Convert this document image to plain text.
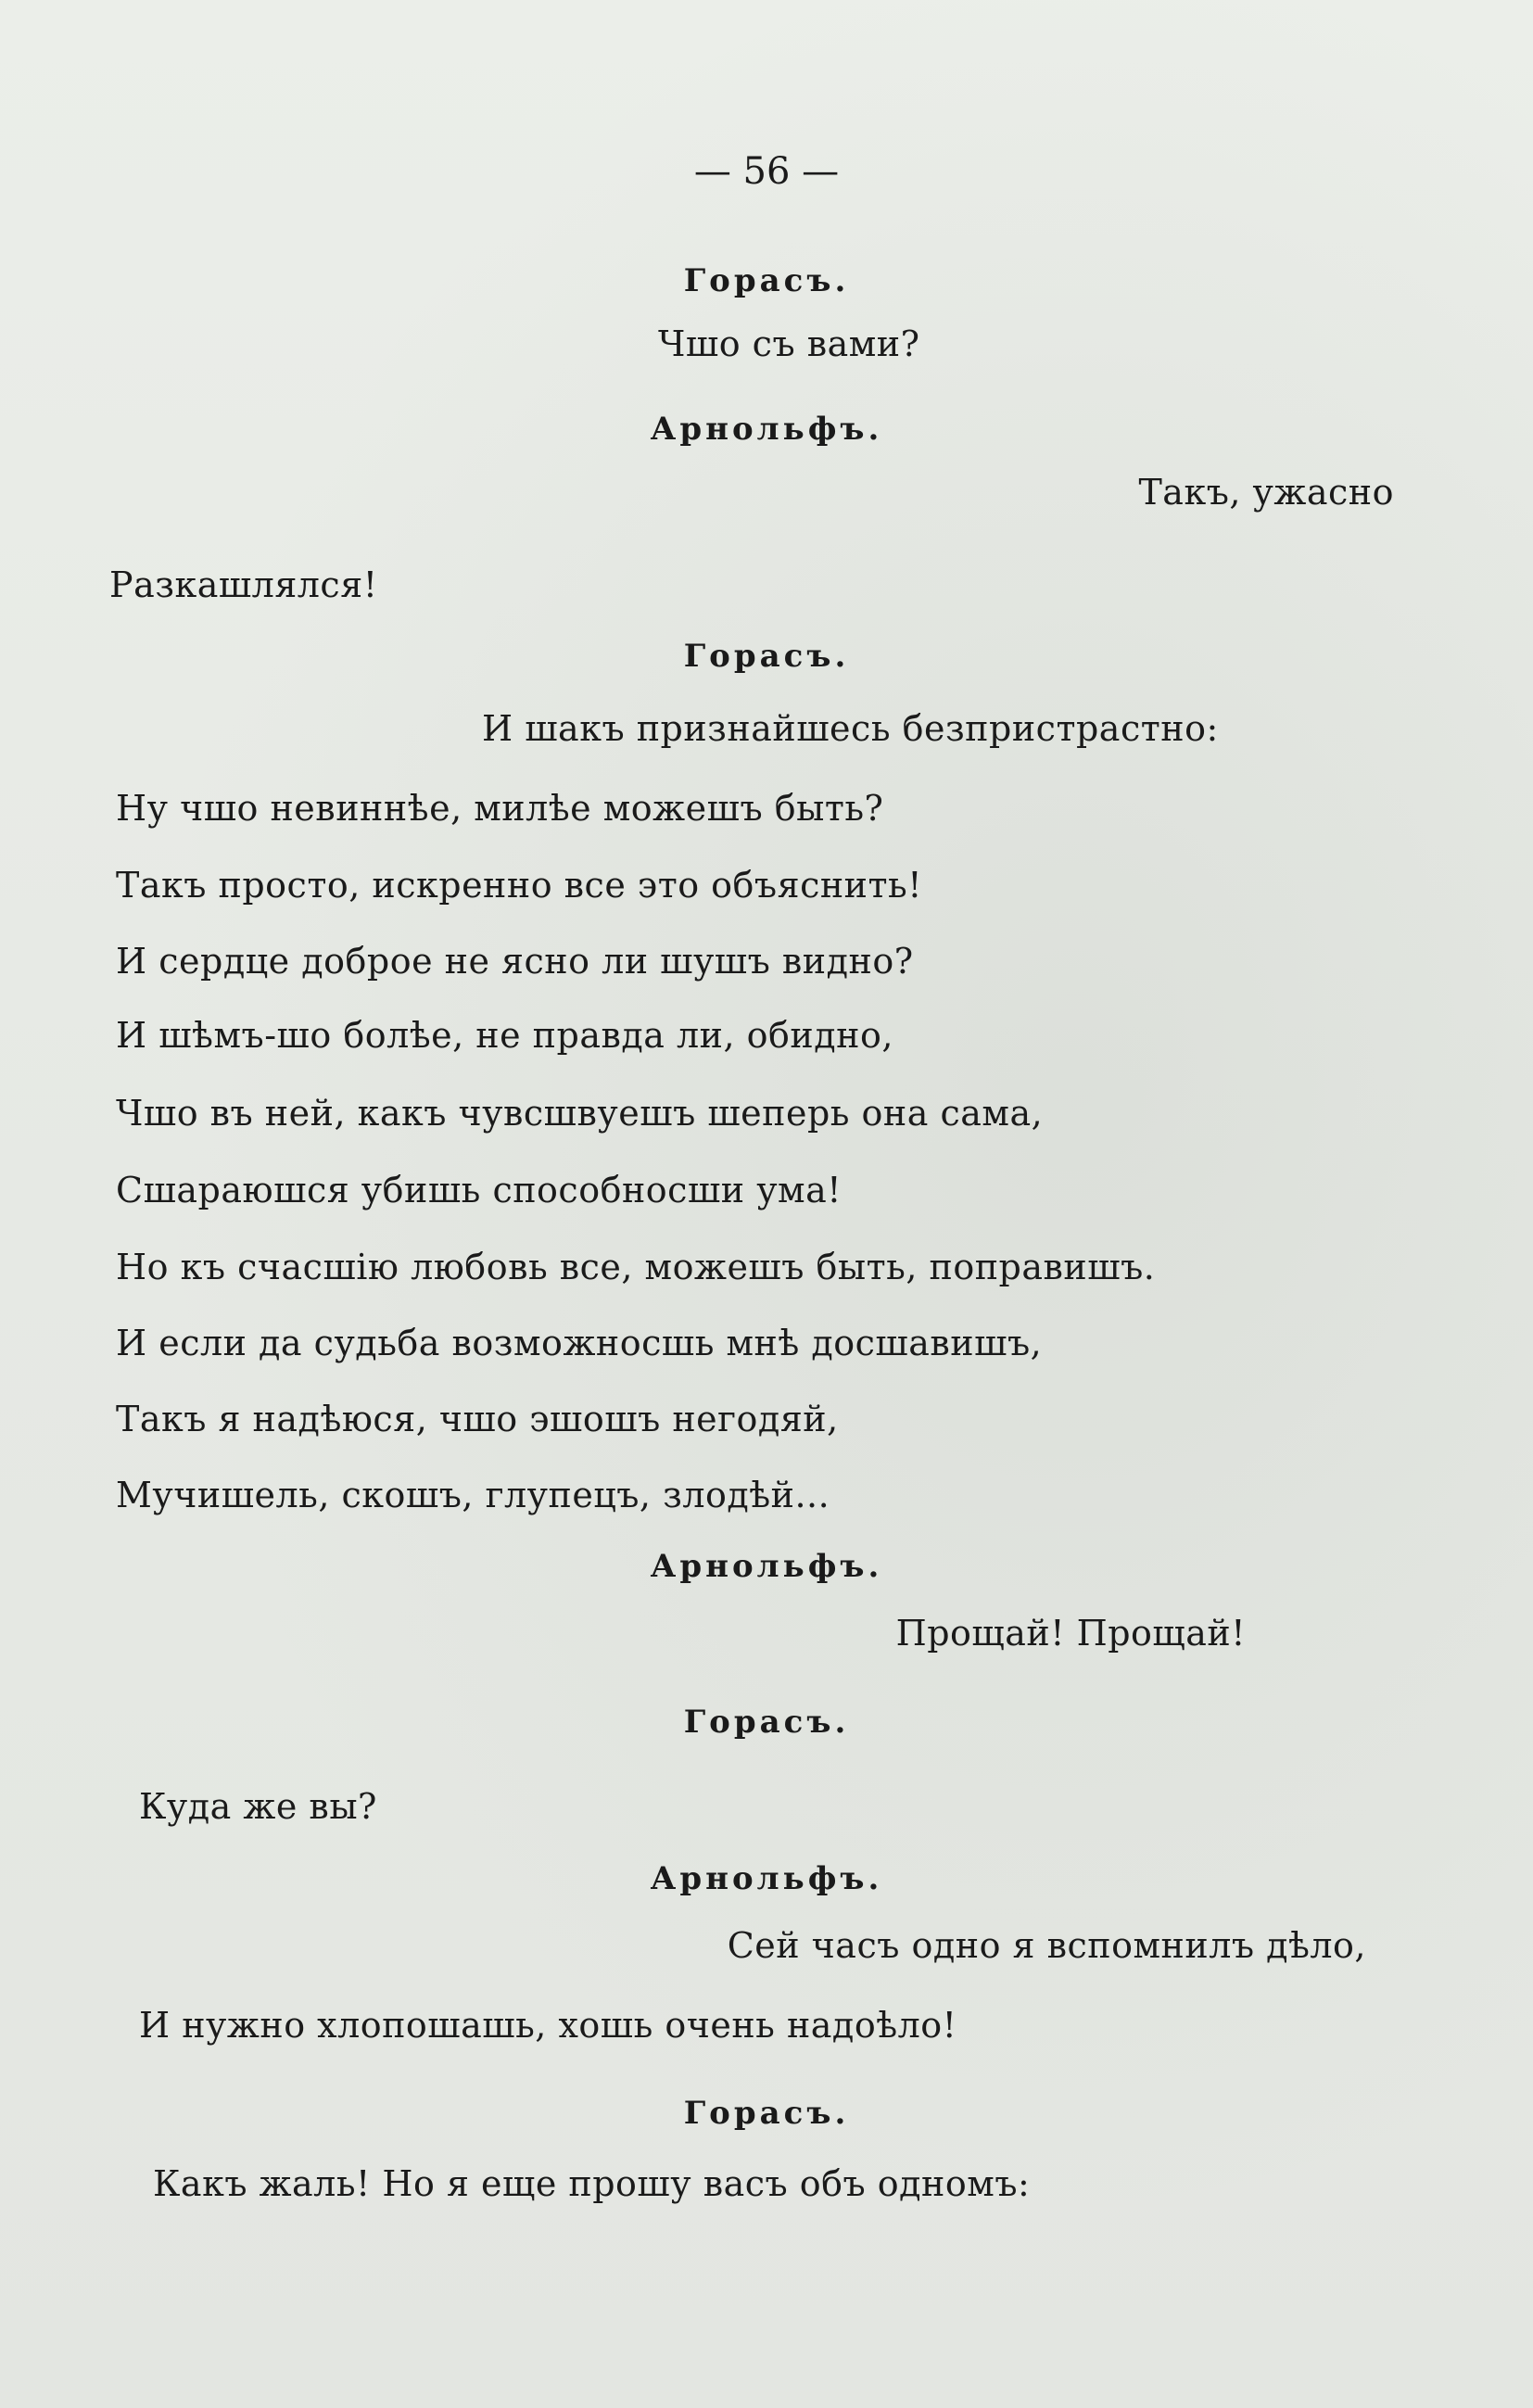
— 56 —
Горасъ.
Чшо съ вами?
Арнольфъ.
Такъ, ужасно
Разкашлялся!
Горасъ.
И шакъ признайшесь безпристрастно:
Ну чшо невиннѣе, милѣе можешъ быть?
Такъ просто, искренно все это объяснить!
И сердце доброе не ясно ли шушъ видно?
И шѣмъ-шо болѣе, не правда ли, обидно,
Чшо въ ней, какъ чувсшвуешъ шеперь она сама,
Сшараюшся убишь способносши ума!
Но къ счасшію любовь все, можешъ быть, поправишъ.
И если да судьба возможносшь мнѣ досшавишъ,
Такъ я надѣюся, чшо эшошъ негодяй,
Мучишель, скошъ, глупецъ, злодѣй...
Арнольфъ.
Прощай! Прощай!
Горасъ.
Куда же вы?
Арнольфъ.
Сей часъ одно я вспомнилъ дѣло,
И нужно хлопошашь, хошь очень надоѣло!
Горасъ.
Какъ жаль! Но я еще прошу васъ объ одномъ:
